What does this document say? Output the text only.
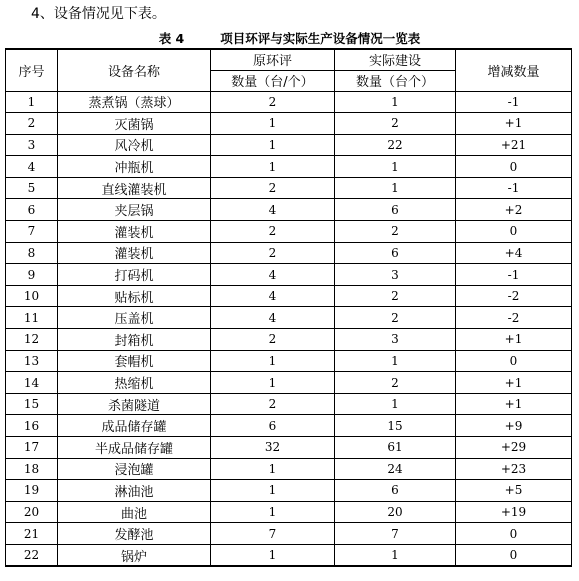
4、设备情况见下表。
表 4	项目环评与实际生产设备情况一览表
序号	设备名称	原环评	实际建设	增减数量
		数量（台/个）	数量（台个）	
1	蒸煮锅（蒸球）	2	1	-1
2	灭菌锅	1	2	+1
3	风冷机	1	22	+21
4	冲瓶机	1	1	0
5	直线灌装机	2	1	-1
6	夹层锅	4	6	+2
7	灌装机	2	2	0
8	灌装机	2	6	+4
9	打码机	4	3	-1
10	贴标机	4	2	-2
11	压盖机	4	2	-2
12	封箱机	2	3	+1
13	套帽机	1	1	0
14	热缩机	1	2	+1
15	杀菌隧道	2	1	+1
16	成品储存罐	6	15	+9
17	半成品储存罐	32	61	+29
18	浸泡罐	1	24	+23
19	淋油池	1	6	+5
20	曲池	1	20	+19
21	发酵池	7	7	0
22	锅炉	1	1	0
